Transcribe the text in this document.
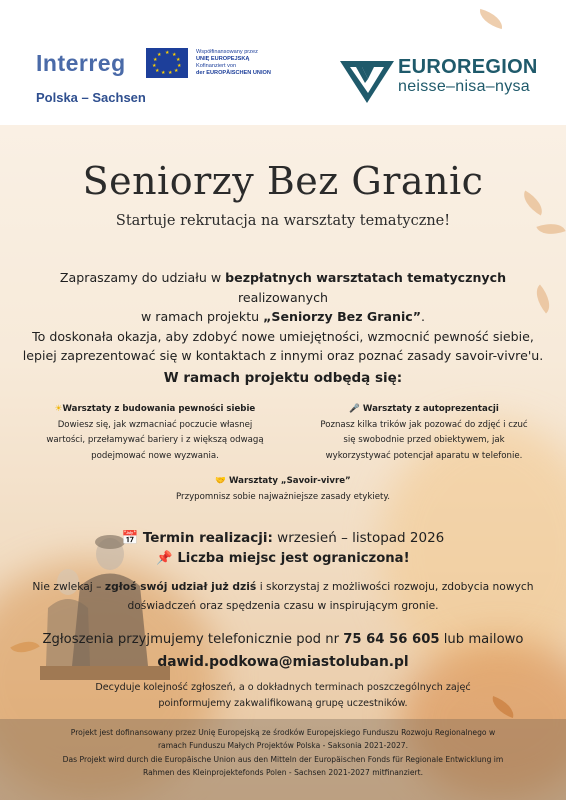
Interreg
Polska – Sachsen
★ ★
★
★
★
★
★
★
★
★
★	Współfinansowany przez
UNIĘ EUROPEJSKĄ
Kofinanziert von
der EUROPÄISCHEN UNION	EUROREGION
neisse–nisa–nysa
Seniorzy Bez Granic
Startuje rekrutacja na warsztaty tematyczne!
Zapraszamy do udziału w bezpłatnych warsztatach tematycznych realizowanych
w ramach projektu „Seniorzy Bez Granic”.
To doskonała okazja, aby zdobyć nowe umiejętności, wzmocnić pewność siebie,
lepiej zaprezentować się w kontaktach z innymi oraz poznać zasady savoir-vivre'u.
W ramach projektu odbędą się:
☀Warsztaty z budowania pewności siebie
Dowiesz się, jak wzmacniać poczucie własnej
wartości, przełamywać bariery i z większą odwagą
podejmować nowe wyzwania.
🎤 Warsztaty z autoprezentacji
Poznasz kilka trików jak pozować do zdjęć i czuć
się swobodnie przed obiektywem, jak
wykorzystywać potencjał aparatu w telefonie.
🤝 Warsztaty „Savoir-vivre”
Przypomnisz sobie najważniejsze zasady etykiety.
📅 Termin realizacji: wrzesień – listopad 2026
📌 Liczba miejsc jest ograniczona!
Nie zwlekaj – zgłoś swój udział już dziś i skorzystaj z możliwości rozwoju, zdobycia nowych
doświadczeń oraz spędzenia czasu w inspirującym gronie.
Zgłoszenia przyjmujemy telefonicznie pod nr 75 64 56 605 lub mailowo
dawid.podkowa@miastoluban.pl
Decyduje kolejność zgłoszeń, a o dokładnych terminach poszczególnych zajęć
poinformujemy zakwalifikowaną grupę uczestników.
Projekt jest dofinansowany przez Unię Europejską ze środków Europejskiego Funduszu Rozwoju Regionalnego w
ramach Funduszu Małych Projektów Polska - Saksonia 2021-2027.
Das Projekt wird durch die Europäische Union aus den Mitteln der Europäischen Fonds für Regionale Entwicklung im
Rahmen des Kleinprojektefonds Polen - Sachsen 2021-2027 mitfinanziert.
